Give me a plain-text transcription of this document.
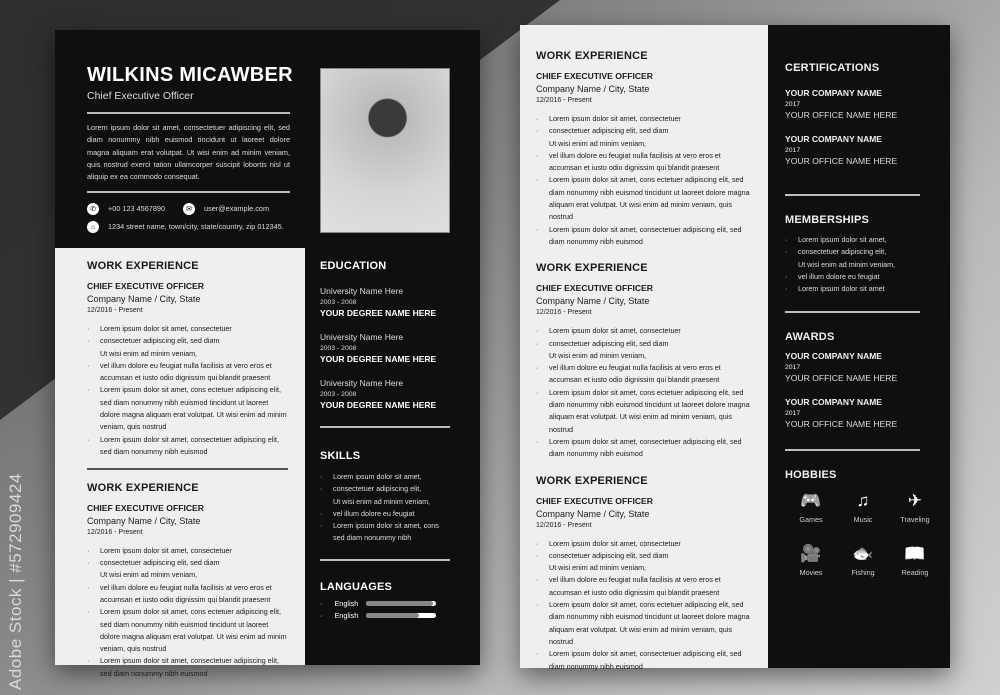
Adobe Stock | #572909424
WILKINS MICAWBER
Chief Executive Officer
Lorem ipsum dolor sit amet, consectetuer adipiscing elit, sed diam nonummy nibh euismod tincidunt ut laoreet dolore magna aliquam erat volutpat. Ut wisi enim ad minim veniam, quis nostrud exerci tation ullamcorper suscipit lobortis nisl ut aliquip ex ea commodo consequat.
✆ +00 123 4567890	✉ user@example.com
⌂ 1234 street name, town/city, state/country, zip 012345.
WORK EXPERIENCE
CHIEF EXECUTIVE OFFICER
Company Name / City, State
12/2016 - Present
· Lorem ipsum dolor sit amet, consectetuer
· consectetuer adipiscing elit, sed diam
Ut wisi enim ad minim veniam,
· vel illum dolore eu feugiat nulla facilisis at vero eros et accumsan et iusto odio dignissim qui blandit praesent
· Lorem ipsum dolor sit amet, cons ectetuer adipiscing elit, sed diam nonummy nibh euismod tincidunt ut laoreet dolore magna aliquam erat volutpat. Ut wisi enim ad minim veniam, quis nostrud
· Lorem ipsum dolor sit amet, consectetuer adipiscing elit, sed diam nonummy nibh euismod
WORK EXPERIENCE
CHIEF EXECUTIVE OFFICER
Company Name / City, State
12/2016 - Present
· Lorem ipsum dolor sit amet, consectetuer
· consectetuer adipiscing elit, sed diam
Ut wisi enim ad minim veniam,
· vel illum dolore eu feugiat nulla facilisis at vero eros et accumsan et iusto odio dignissim qui blandit praesent
· Lorem ipsum dolor sit amet, cons ectetuer adipiscing elit, sed diam nonummy nibh euismod tincidunt ut laoreet dolore magna aliquam erat volutpat. Ut wisi enim ad minim veniam, quis nostrud
· Lorem ipsum dolor sit amet, consectetuer adipiscing elit, sed diam nonummy nibh euismod
EDUCATION
University Name Here
2003 - 2008
YOUR DEGREE NAME HERE
University Name Here
2003 - 2008
YOUR DEGREE NAME HERE
University Name Here
2003 - 2008
YOUR DEGREE NAME HERE
SKILLS
· Lorem ipsum dolor sit amet,
· consectetuer adipiscing elit,
Ut wisi enim ad minim veniam,
· vel illum dolore eu feugiat
· Lorem ipsum dolor sit amet, cons sed diam nonummy nibh
LANGUAGES
· English
· English
WORK EXPERIENCE
CHIEF EXECUTIVE OFFICER
Company Name / City, State
12/2016 - Present
· Lorem ipsum dolor sit amet, consectetuer
· consectetuer adipiscing elit, sed diam
Ut wisi enim ad minim veniam,
· vel illum dolore eu feugiat nulla facilisis at vero eros et accumsan et iusto odio dignissim qui blandit praesent
· Lorem ipsum dolor sit amet, cons ectetuer adipiscing elit, sed diam nonummy nibh euismod tincidunt ut laoreet dolore magna aliquam erat volutpat. Ut wisi enim ad minim veniam, quis nostrud
· Lorem ipsum dolor sit amet, consectetuer adipiscing elit, sed diam nonummy nibh euismod
WORK EXPERIENCE
CHIEF EXECUTIVE OFFICER
Company Name / City, State
12/2016 - Present
· Lorem ipsum dolor sit amet, consectetuer
· consectetuer adipiscing elit, sed diam
Ut wisi enim ad minim veniam,
· vel illum dolore eu feugiat nulla facilisis at vero eros et accumsan et iusto odio dignissim qui blandit praesent
· Lorem ipsum dolor sit amet, cons ectetuer adipiscing elit, sed diam nonummy nibh euismod tincidunt ut laoreet dolore magna aliquam erat volutpat. Ut wisi enim ad minim veniam, quis nostrud
· Lorem ipsum dolor sit amet, consectetuer adipiscing elit, sed diam nonummy nibh euismod
WORK EXPERIENCE
CHIEF EXECUTIVE OFFICER
Company Name / City, State
12/2016 - Present
· Lorem ipsum dolor sit amet, consectetuer
· consectetuer adipiscing elit, sed diam
Ut wisi enim ad minim veniam,
· vel illum dolore eu feugiat nulla facilisis at vero eros et accumsan et iusto odio dignissim qui blandit praesent
· Lorem ipsum dolor sit amet, cons ectetuer adipiscing elit, sed diam nonummy nibh euismod tincidunt ut laoreet dolore magna aliquam erat volutpat. Ut wisi enim ad minim veniam, quis nostrud
· Lorem ipsum dolor sit amet, consectetuer adipiscing elit, sed diam nonummy nibh euismod
CERTIFICATIONS
YOUR COMPANY NAME
2017
YOUR OFFICE NAME HERE
YOUR COMPANY NAME
2017
YOUR OFFICE NAME HERE
MEMBERSHIPS
· Lorem ipsum dolor sit amet,
· consectetuer adipiscing elit,
Ut wisi enim ad minim veniam,
· vel illum dolore eu feugiat
· Lorem ipsum dolor sit amet
AWARDS
YOUR COMPANY NAME
2017
YOUR OFFICE NAME HERE
YOUR COMPANY NAME
2017
YOUR OFFICE NAME HERE
HOBBIES
🎮
Games
♫
Music
✈
Traveling
🎥
Movies
🐟
Fishing
📖
Reading
